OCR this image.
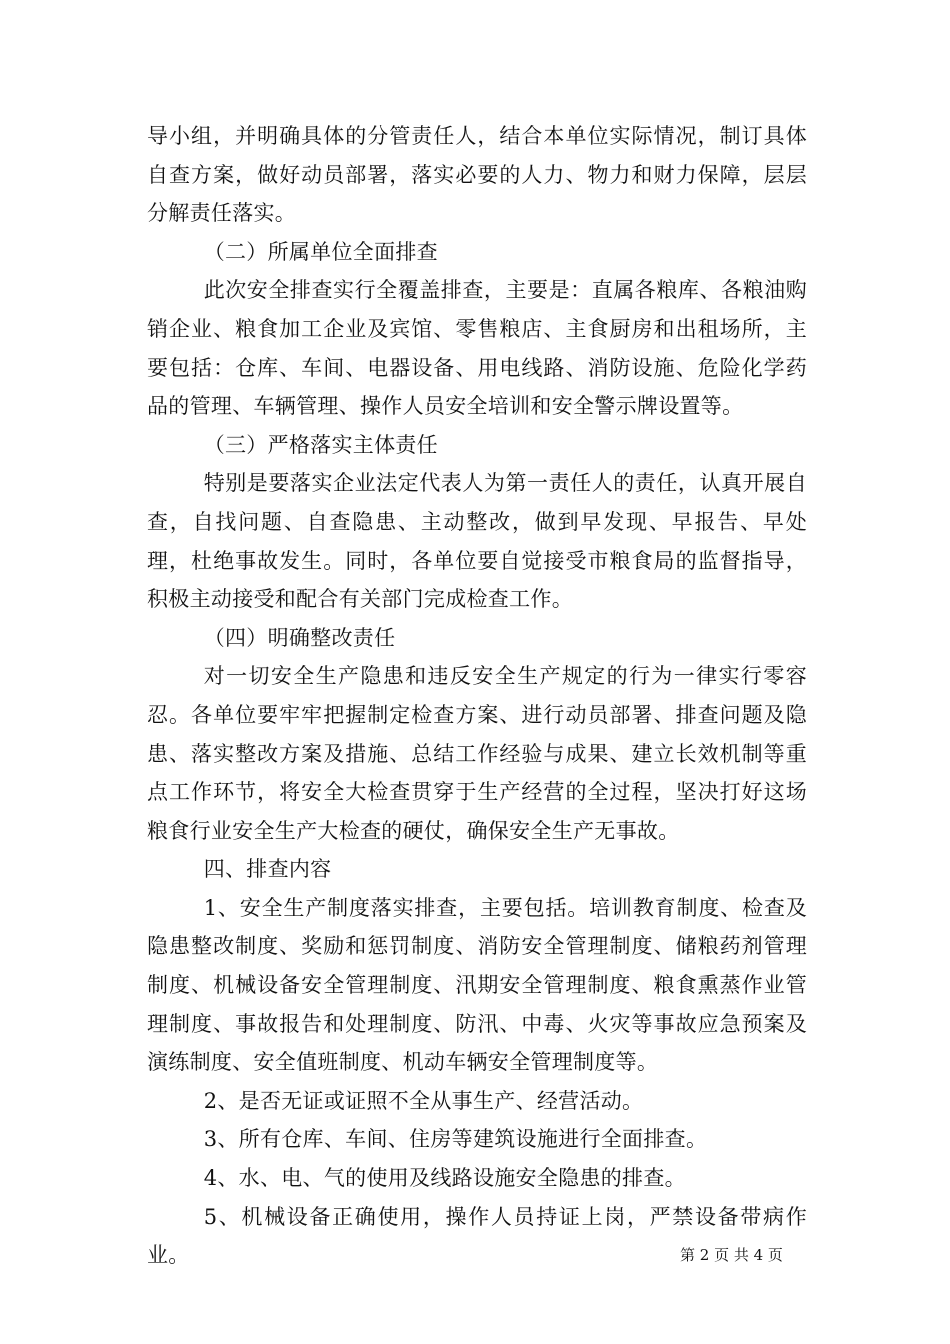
导小组，并明确具体的分管责任人，结合本单位实际情况，制订具体自查方案，做好动员部署，落实必要的人力、物力和财力保障，层层分解责任落实。

（二）所属单位全面排查

此次安全排查实行全覆盖排查，主要是：直属各粮库、各粮油购销企业、粮食加工企业及宾馆、零售粮店、主食厨房和出租场所，主要包括：仓库、车间、电器设备、用电线路、消防设施、危险化学药品的管理、车辆管理、操作人员安全培训和安全警示牌设置等。

（三）严格落实主体责任

特别是要落实企业法定代表人为第一责任人的责任，认真开展自查，自找问题、自查隐患、主动整改，做到早发现、早报告、早处理，杜绝事故发生。同时，各单位要自觉接受市粮食局的监督指导，积极主动接受和配合有关部门完成检查工作。

（四）明确整改责任

对一切安全生产隐患和违反安全生产规定的行为一律实行零容忍。各单位要牢牢把握制定检查方案、进行动员部署、排查问题及隐患、落实整改方案及措施、总结工作经验与成果、建立长效机制等重点工作环节，将安全大检查贯穿于生产经营的全过程，坚决打好这场粮食行业安全生产大检查的硬仗，确保安全生产无事故。

四、排查内容

1、安全生产制度落实排查，主要包括。培训教育制度、检查及隐患整改制度、奖励和惩罚制度、消防安全管理制度、储粮药剂管理制度、机械设备安全管理制度、汛期安全管理制度、粮食熏蒸作业管理制度、事故报告和处理制度、防汛、中毒、火灾等事故应急预案及演练制度、安全值班制度、机动车辆安全管理制度等。

2、是否无证或证照不全从事生产、经营活动。

3、所有仓库、车间、住房等建筑设施进行全面排查。

4、水、电、气的使用及线路设施安全隐患的排查。

5、机械设备正确使用，操作人员持证上岗，严禁设备带病作业。	第 2 页 共 4 页
